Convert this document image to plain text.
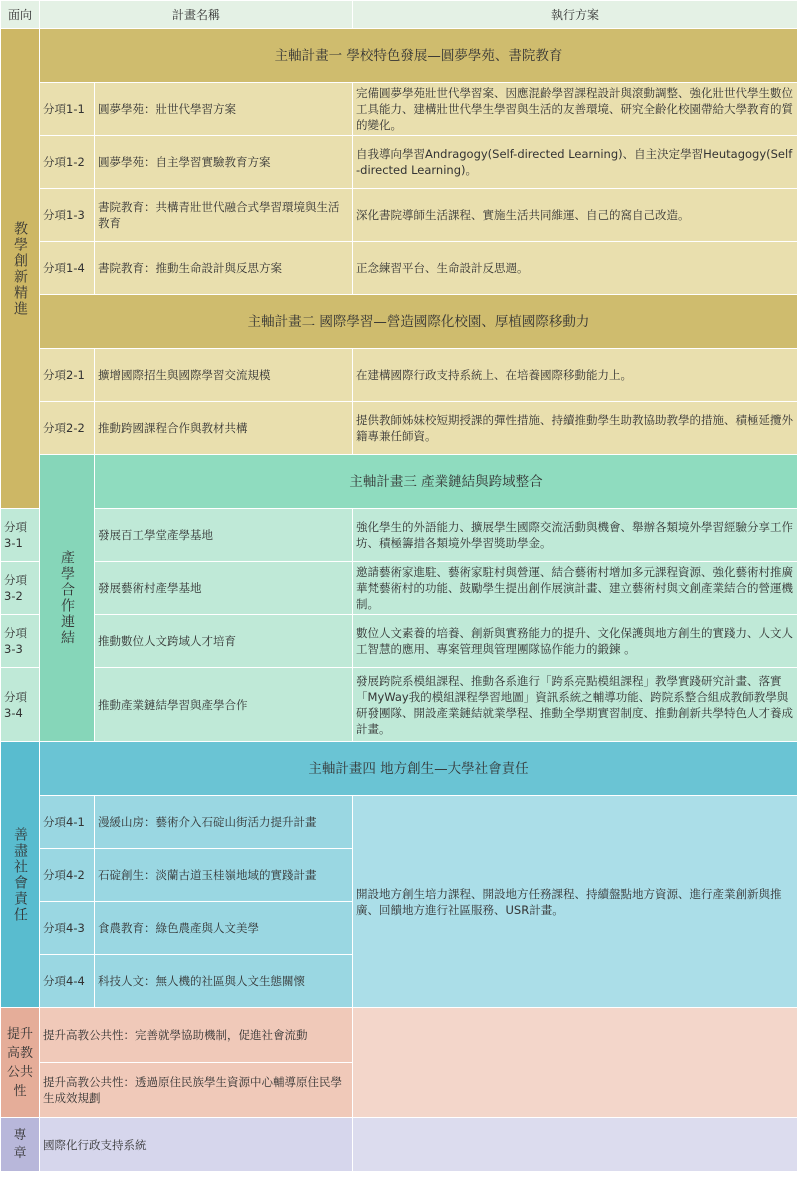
面向	計畫名稱		執行方案

教學創新精進	主軸計畫一 學校特色發展—圓夢學苑、書院教育		
	分項1-1	圓夢學苑：壯世代學習方案	完備圓夢學苑壯世代學習案、因應混齡學習課程設計與滾動調整、強化壯世代學生數位工具能力、建構壯世代學生學習與生活的友善環境、研究全齡化校園帶給大學教育的質的變化。
	分項1-2	圓夢學苑：自主學習實驗教育方案	自我導向學習Andragogy(Self-directed Learning)、自主決定學習Heutagogy(Self-directed Learning)。
	分項1-3	書院教育：共構青壯世代融合式學習環境與生活教育	深化書院導師生活課程、實施生活共同維運、自己的窩自己改造。
	分項1-4	書院教育：推動生命設計與反思方案	正念練習平台、生命設計反思週。
	主軸計畫二 國際學習—營造國際化校園、厚植國際移動力		
	分項2-1	擴增國際招生與國際學習交流規模	在建構國際行政支持系統上、在培養國際移動能力上。
	分項2-2	推動跨國課程合作與教材共構	提供教師姊妹校短期授課的彈性措施、持續推動學生助教協助教學的措施、積極延攬外籍專兼任師資。

	產學合作連結	主軸計畫三 產業鏈結與跨域整合	
分項3-1		發展百工學堂產學基地	強化學生的外語能力、擴展學生國際交流活動與機會、舉辦各類境外學習經驗分享工作坊、積極籌措各類境外學習獎助學金。
分項3-2		發展藝術村產學基地	邀請藝術家進駐、藝術家駐村與營運、結合藝術村增加多元課程資源、強化藝術村推廣華梵藝術村的功能、鼓勵學生提出創作展演計畫、建立藝術村與文創產業結合的營運機制。
分項3-3		推動數位人文跨域人才培育	數位人文素養的培養、創新與實務能力的提升、文化保護與地方創生的實踐力、人文人工智慧的應用、專案管理與管理團隊協作能力的鍛鍊 。
分項3-4		推動產業鏈結學習與產學合作	發展跨院系模組課程、推動各系進行「跨系亮點模組課程」教學實踐研究計畫、落實「MyWay我的模組課程學習地圖」資訊系統之輔導功能、跨院系整合組成教師教學與研發團隊、開設產業鏈結就業學程、推動全學期實習制度、推動創新共學特色人才養成計畫。

善盡社會責任	主軸計畫四 地方創生—大學社會責任		
	分項4-1	漫緩山房：藝術介入石碇山街活力提升計畫	開設地方創生培力課程、開設地方任務課程、持續盤點地方資源、進行產業創新與推廣、回饋地方進行社區服務、USR計畫。
	分項4-2	石碇創生：淡蘭古道玉桂嶺地域的實踐計畫	
	分項4-3	食農教育：綠色農產與人文美學	
	分項4-4	科技人文：無人機的社區與人文生態關懷	

提升高教公共性	提升高教公共性：完善就學協助機制，促進社會流動		
	提升高教公共性：透過原住民族學生資源中心輔導原住民學生成效規劃		

專章	國際化行政支持系統		
